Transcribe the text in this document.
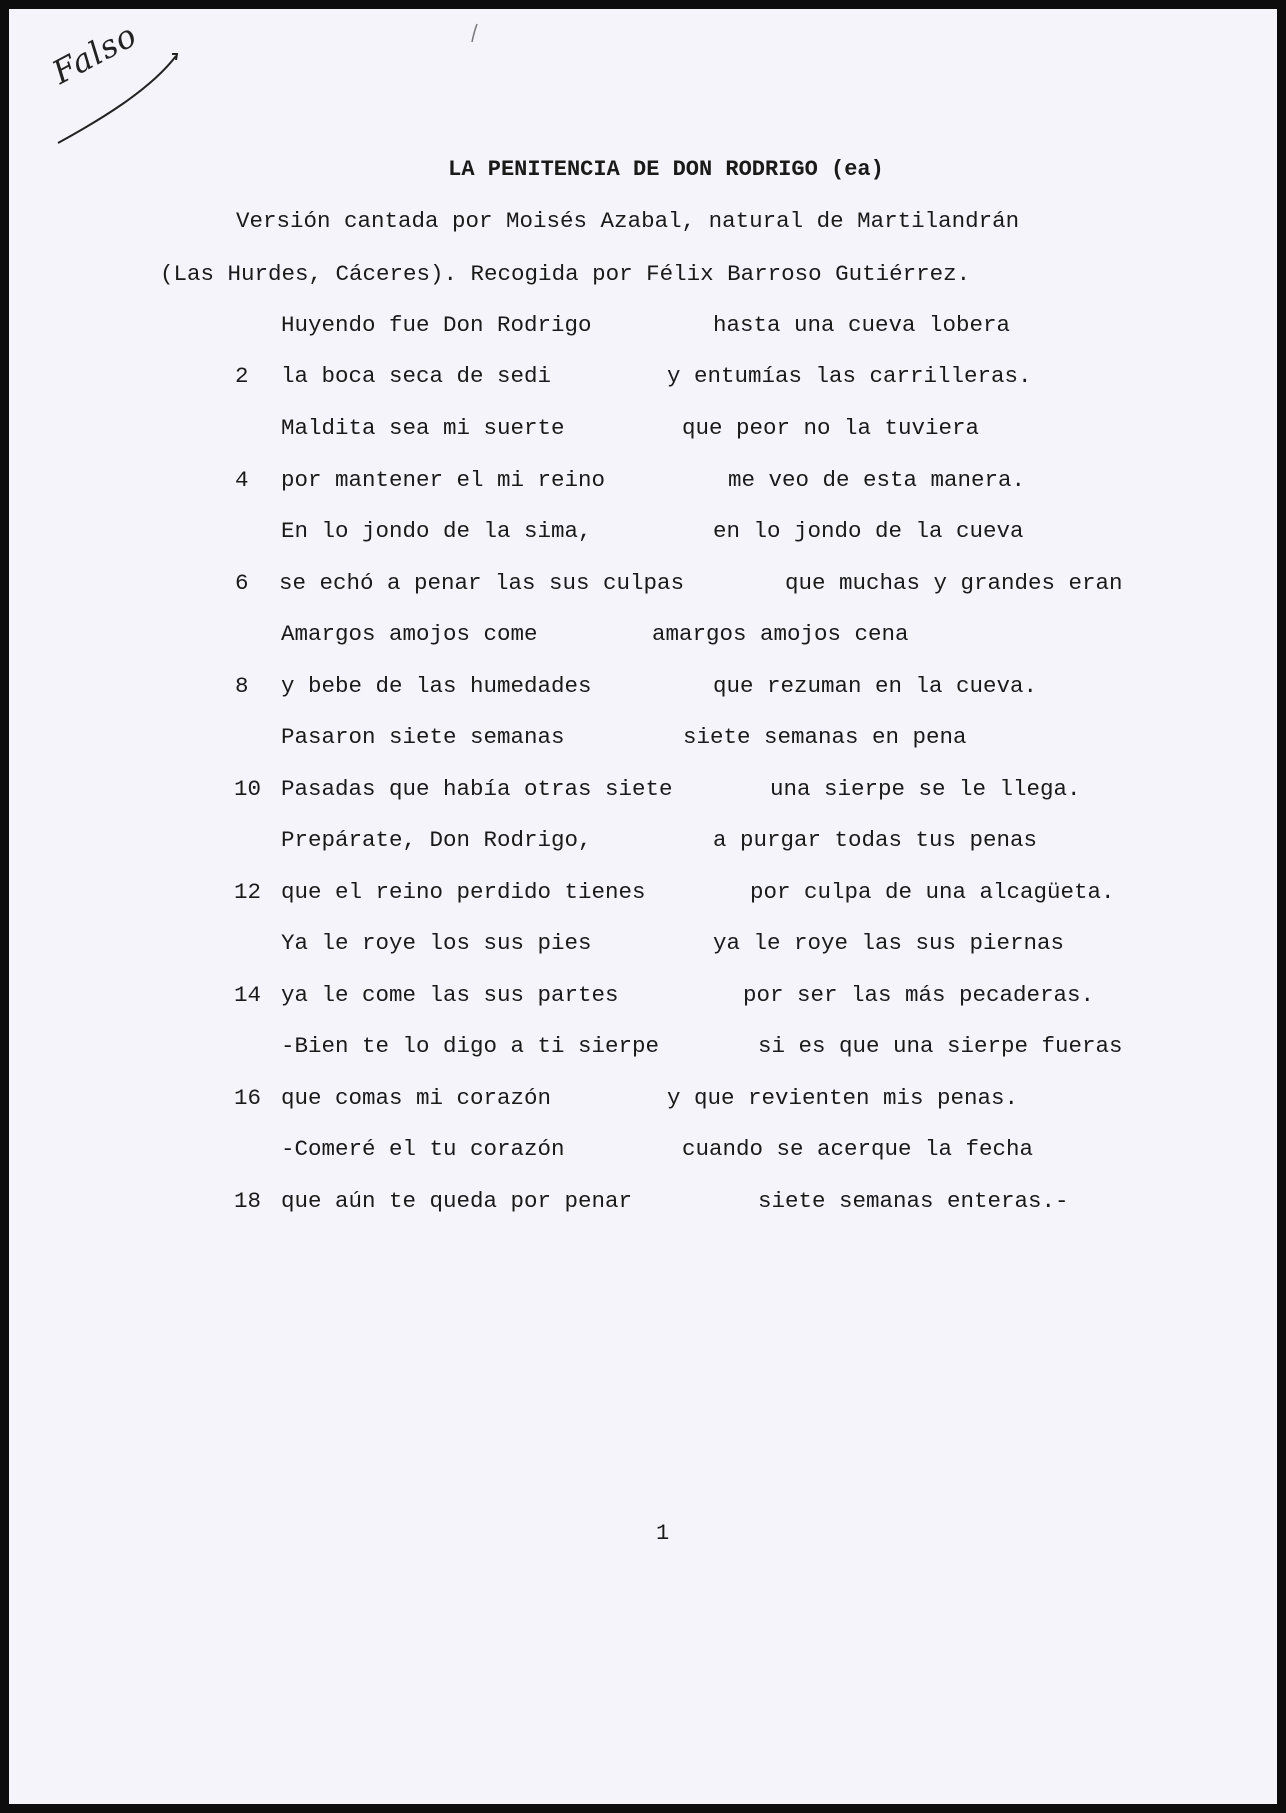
Falso
LA PENITENCIA DE DON RODRIGO (ea)
Versión cantada por Moisés Azabal, natural de Martilandrán
(Las Hurdes, Cáceres). Recogida por Félix Barroso Gutiérrez.
Huyendo fue Don Rodrigo	hasta una cueva lobera
2 la boca seca de sedi	y entumías las carrilleras.
Maldita sea mi suerte	que peor no la tuviera
4 por mantener el mi reino	me veo de esta manera.
En lo jondo de la sima,	en lo jondo de la cueva
6 se echó a penar las sus culpas	que muchas y grandes eran
Amargos amojos come	amargos amojos cena
8 y bebe de las humedades	que rezuman en la cueva.
Pasaron siete semanas	siete semanas en pena
10 Pasadas que había otras siete	una sierpe se le llega.
Prepárate, Don Rodrigo,	a purgar todas tus penas
12 que el reino perdido tienes	por culpa de una alcagüeta.
Ya le roye los sus pies	ya le roye las sus piernas
14 ya le come las sus partes	por ser las más pecaderas.
-Bien te lo digo a ti sierpe	si es que una sierpe fueras
16 que comas mi corazón	y que revienten mis penas.
-Comeré el tu corazón	cuando se acerque la fecha
18 que aún te queda por penar	siete semanas enteras.-
1
